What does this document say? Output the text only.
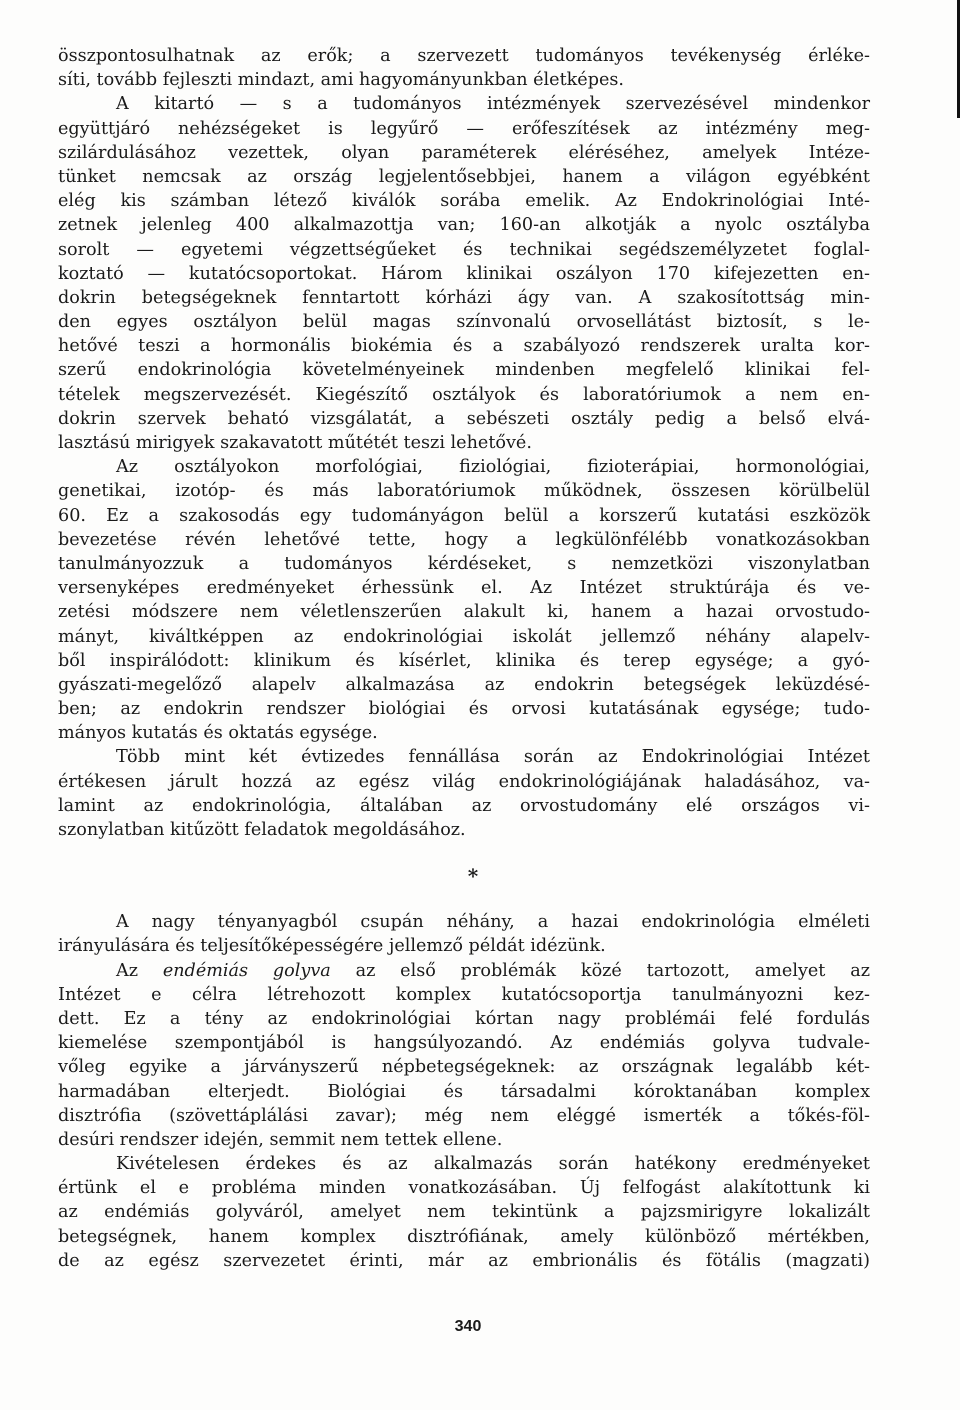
összpontosulhatnak az erők; a szervezett tudományos tevékenység érléke-
síti, tovább fejleszti mindazt, ami hagyományunkban életképes.
A kitartó — s a tudományos intézmények szervezésével mindenkor
együttjáró nehézségeket is legyűrő — erőfeszítések az intézmény meg-
szilárdulásához vezettek, olyan paraméterek eléréséhez, amelyek Intéze-
tünket nemcsak az ország legjelentősebbjei, hanem a világon egyébként
elég kis számban létező kiválók sorába emelik. Az Endokrinológiai Inté-
zetnek jelenleg 400 alkalmazottja van; 160-an alkotják a nyolc osztályba
sorolt — egyetemi végzettségűeket és technikai segédszemélyzetet foglal-
koztató — kutatócsoportokat. Három klinikai oszályon 170 kifejezetten en-
dokrin betegségeknek fenntartott kórházi ágy van. A szakosítottság min-
den egyes osztályon belül magas színvonalú orvosellátást biztosít, s le-
hetővé teszi a hormonális biokémia és a szabályozó rendszerek uralta kor-
szerű endokrinológia követelményeinek mindenben megfelelő klinikai fel-
tételek megszervezését. Kiegészítő osztályok és laboratóriumok a nem en-
dokrin szervek beható vizsgálatát, a sebészeti osztály pedig a belső elvá-
lasztású mirigyek szakavatott műtétét teszi lehetővé.
Az osztályokon morfológiai, fiziológiai, fizioterápiai, hormonológiai,
genetikai, izotóp- és más laboratóriumok működnek, összesen körülbelül
60. Ez a szakosodás egy tudományágon belül a korszerű kutatási eszközök
bevezetése révén lehetővé tette, hogy a legkülönfélébb vonatkozásokban
tanulmányozzuk a tudományos kérdéseket, s nemzetközi viszonylatban
versenyképes eredményeket érhessünk el. Az Intézet struktúrája és ve-
zetési módszere nem véletlenszerűen alakult ki, hanem a hazai orvostudo-
mányt, kiváltképpen az endokrinológiai iskolát jellemző néhány alapelv-
ből inspirálódott: klinikum és kísérlet, klinika és terep egysége; a gyó-
gyászati-megelőző alapelv alkalmazása az endokrin betegségek leküzdésé-
ben; az endokrin rendszer biológiai és orvosi kutatásának egysége; tudo-
mányos kutatás és oktatás egysége.
Több mint két évtizedes fennállása során az Endokrinológiai Intézet
értékesen járult hozzá az egész világ endokrinológiájának haladásához, va-
lamint az endokrinológia, általában az orvostudomány elé országos vi-
szonylatban kitűzött feladatok megoldásához.
*
A nagy tényanyagból csupán néhány, a hazai endokrinológia elméleti
irányulására és teljesítőképességére jellemző példát idézünk.
Az endémiás golyva az első problémák közé tartozott, amelyet az
Intézet e célra létrehozott komplex kutatócsoportja tanulmányozni kez-
dett. Ez a tény az endokrinológiai kórtan nagy problémái felé fordulás
kiemelése szempontjából is hangsúlyozandó. Az endémiás golyva tudvale-
vőleg egyike a járványszerű népbetegségeknek: az országnak legalább két-
harmadában elterjedt. Biológiai és társadalmi kóroktanában komplex
disztrófia (szövettáplálási zavar); még nem eléggé ismerték a tőkés-föl-
desúri rendszer idején, semmit nem tettek ellene.
Kivételesen érdekes és az alkalmazás során hatékony eredményeket
értünk el e probléma minden vonatkozásában. Új felfogást alakítottunk ki
az endémiás golyváról, amelyet nem tekintünk a pajzsmirigyre lokalizált
betegségnek, hanem komplex disztrófiának, amely különböző mértékben,
de az egész szervezetet érinti, már az embrionális és fötális (magzati)
340
